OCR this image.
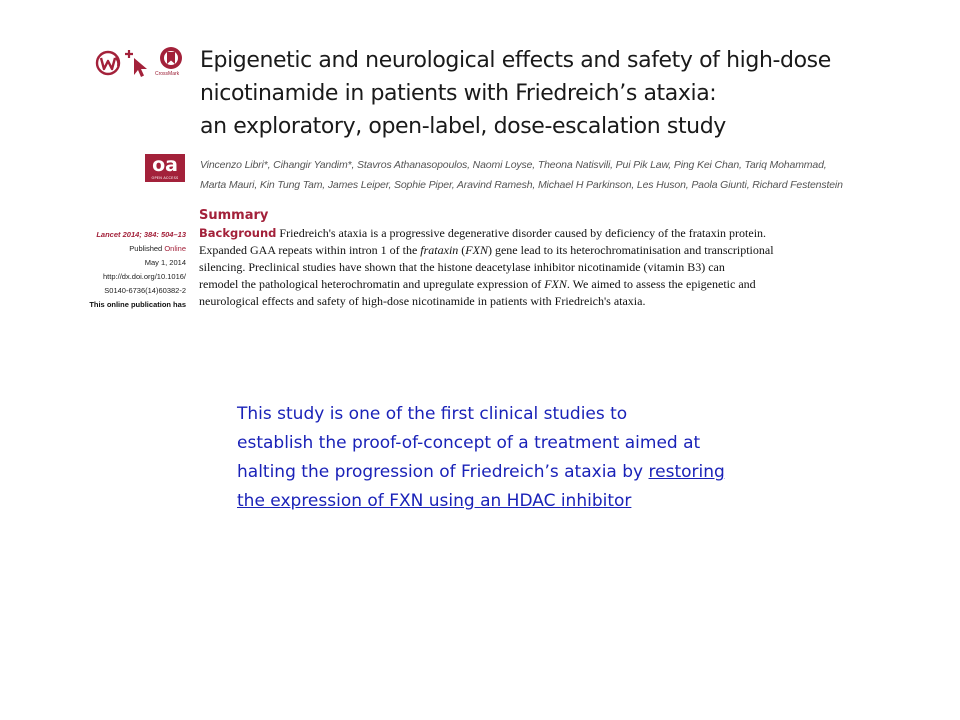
CrossMark
Epigenetic and neurological effects and safety of high-dose
nicotinamide in patients with Friedreich’s ataxia:
an exploratory, open-label, dose-escalation study
oa
OPEN ACCESS
Vincenzo Libri*, Cihangir Yandim*, Stavros Athanasopoulos, Naomi Loyse, Theona Natisvili, Pui Pik Law, Ping Kei Chan, Tariq Mohammad,
Marta Mauri, Kin Tung Tam, James Leiper, Sophie Piper, Aravind Ramesh, Michael H Parkinson, Les Huson, Paola Giunti, Richard Festenstein
Summary
Lancet 2014; 384: 504–13
Published Online
May 1, 2014
http://dx.doi.org/10.1016/
S0140-6736(14)60382-2
This online publication has
Background Friedreich's ataxia is a progressive degenerative disorder caused by deficiency of the frataxin protein.
Expanded GAA repeats within intron 1 of the frataxin (FXN) gene lead to its heterochromatinisation and transcriptional
silencing. Preclinical studies have shown that the histone deacetylase inhibitor nicotinamide (vitamin B3) can
remodel the pathological heterochromatin and upregulate expression of FXN. We aimed to assess the epigenetic and
neurological effects and safety of high-dose nicotinamide in patients with Friedreich's ataxia.
This study is one of the first clinical studies to
establish the proof-of-concept of a treatment aimed at
halting the progression of Friedreich’s ataxia by restoring
the expression of FXN using an HDAC inhibitor
